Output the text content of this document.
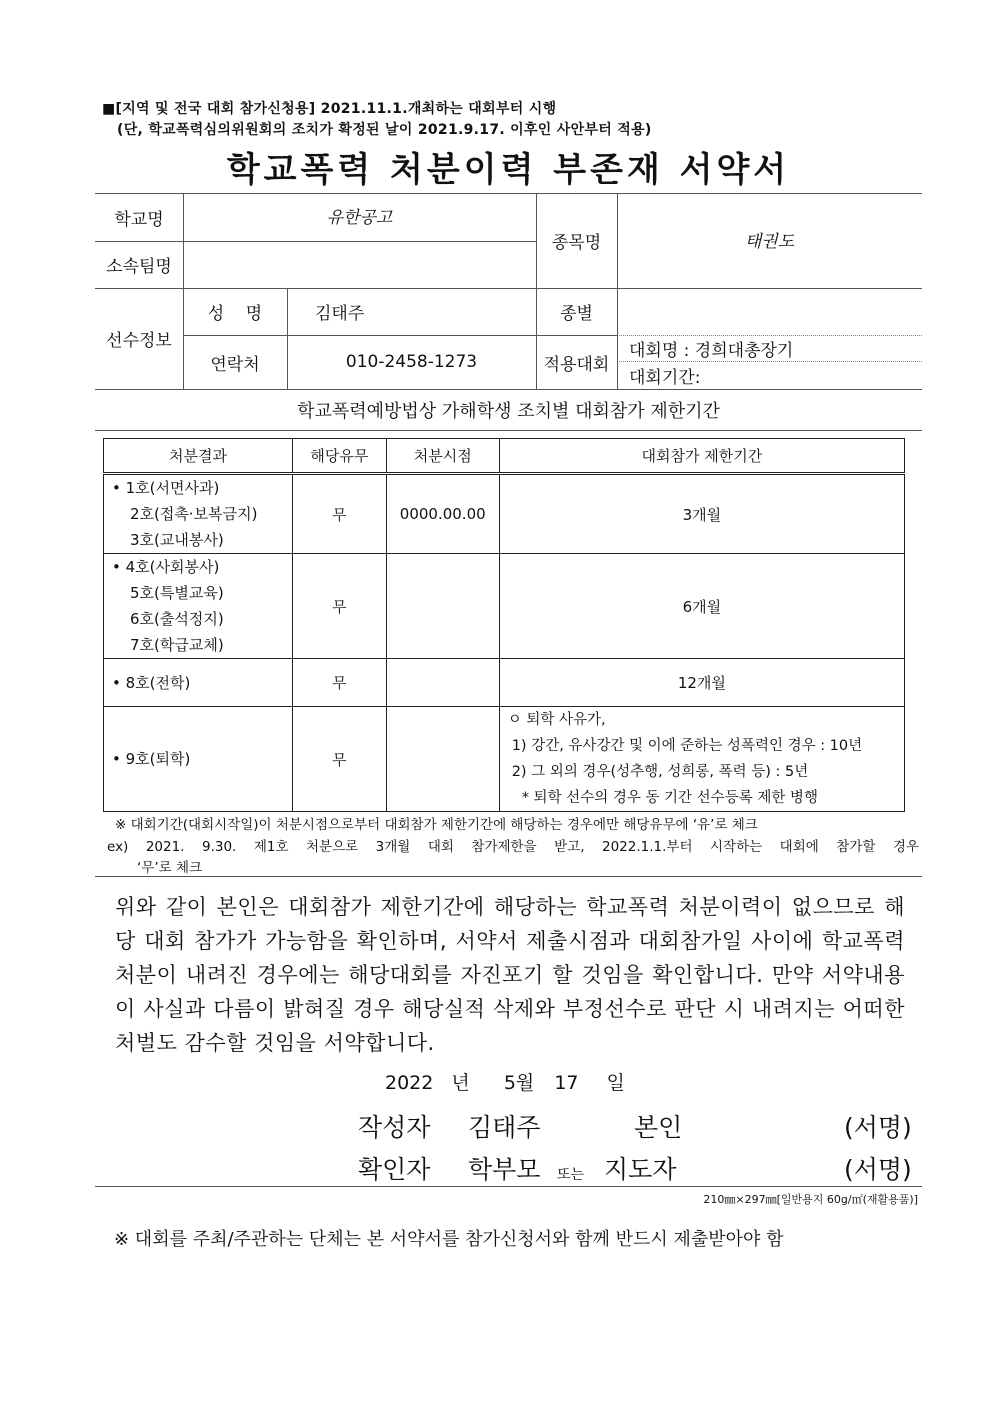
■[지역 및 전국 대회 참가신청용] 2021.11.1.개최하는 대회부터 시행
(단, 학교폭력심의위원회의 조치가 확정된 날이 2021.9.17. 이후인 사안부터 적용)
학교폭력 처분이력 부존재 서약서
학교명	유한공고
종목명	태권도
소속팀명
선수정보
성    명	김태주	종별
연락처	010-2458-1273	적용대회
대회명 : 경희대총장기
대회기간:
학교폭력예방법상 가해학생 조치별 대회참가 제한기간
처분결과	해당유무	처분시점	대회참가 제한기간

• 1호(서면사과)
2호(접촉·보복금지)
3호(교내봉사)	무	0000.00.00	3개월

• 4호(사회봉사)
5호(특별교육)
6호(출석정지)
7호(학급교체)	무		6개월

• 8호(전학)	무		12개월

• 9호(퇴학)	무		ㅇ 퇴학 사유가,
1) 강간, 유사강간 및 이에 준하는 성폭력인 경우 : 10년
2) 그 외의 경우(성추행, 성희롱, 폭력 등) : 5년
* 퇴학 선수의 경우 동 기간 선수등록 제한 병행
※ 대회기간(대회시작일)이 처분시점으로부터 대회참가 제한기간에 해당하는 경우에만 해당유무에 ‘유’로 체크
ex) 2021. 9.30. 제1호 처분으로 3개월 대회 참가제한을 받고, 2022.1.1.부터 시작하는 대회에 참가할 경우
‘무’로 체크
위와 같이 본인은 대회참가 제한기간에 해당하는 학교폭력 처분이력이 없으므로 해당 대회 참가가 가능함을 확인하며, 서약서 제출시점과 대회참가일 사이에 학교폭력 처분이 내려진 경우에는 해당대회를 자진포기 할 것임을 확인합니다. 만약 서약내용이 사실과 다름이 밝혀질 경우 해당실적 삭제와 부정선수로 판단 시 내려지는 어떠한 처벌도 감수할 것임을 서약합니다.
2022 년 5월 17 일
작성자 김태주	본인	(서명)
확인자 학부모 또는 지도자	(서명)
210㎜×297㎜[일반용지 60g/㎡(재활용품)]
※ 대회를 주최/주관하는 단체는 본 서약서를 참가신청서와 함께 반드시 제출받아야 함
